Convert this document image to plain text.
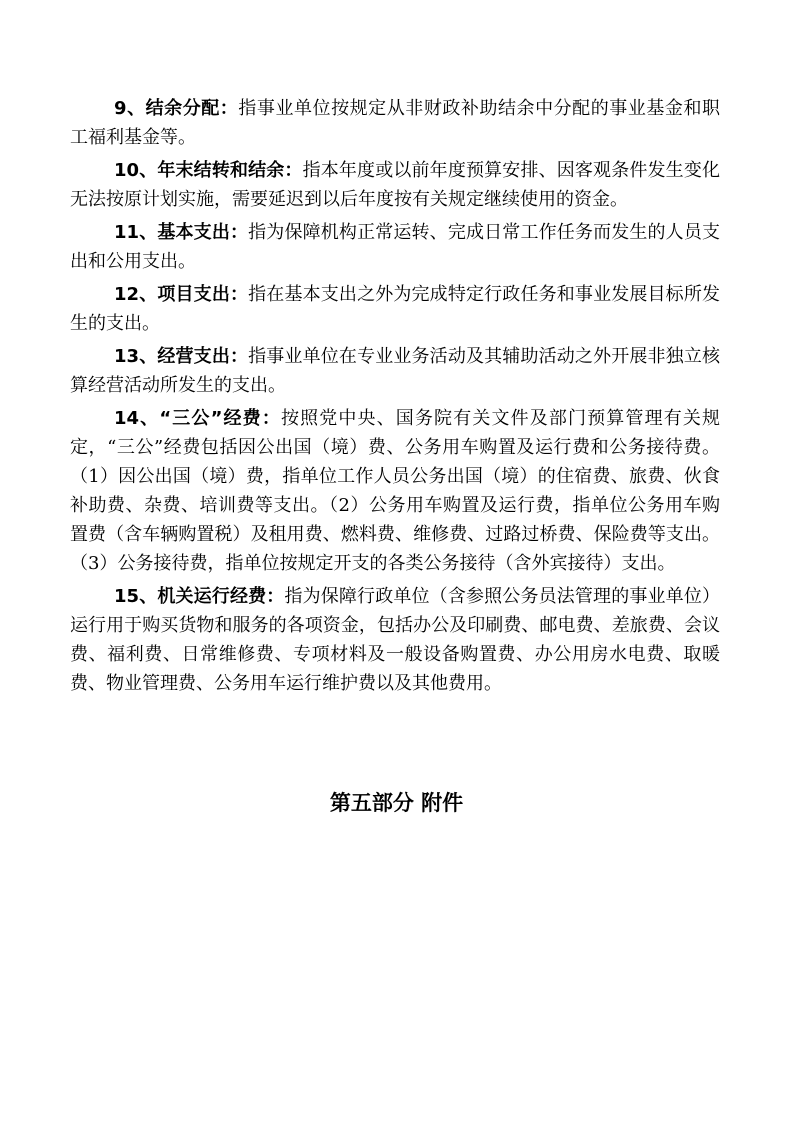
9、结余分配：指事业单位按规定从非财政补助结余中分配的事业基金和职工福利基金等。

10、年末结转和结余：指本年度或以前年度预算安排、因客观条件发生变化无法按原计划实施，需要延迟到以后年度按有关规定继续使用的资金。

11、基本支出：指为保障机构正常运转、完成日常工作任务而发生的人员支出和公用支出。

12、项目支出：指在基本支出之外为完成特定行政任务和事业发展目标所发生的支出。

13、经营支出：指事业单位在专业业务活动及其辅助活动之外开展非独立核算经营活动所发生的支出。

14、“三公”经费：按照党中央、国务院有关文件及部门预算管理有关规定，“三公”经费包括因公出国（境）费、公务用车购置及运行费和公务接待费。（1）因公出国（境）费，指单位工作人员公务出国（境）的住宿费、旅费、伙食补助费、杂费、培训费等支出。（2）公务用车购置及运行费，指单位公务用车购置费（含车辆购置税）及租用费、燃料费、维修费、过路过桥费、保险费等支出。（3）公务接待费，指单位按规定开支的各类公务接待（含外宾接待）支出。

15、机关运行经费：指为保障行政单位（含参照公务员法管理的事业单位）运行用于购买货物和服务的各项资金，包括办公及印刷费、邮电费、差旅费、会议费、福利费、日常维修费、专项材料及一般设备购置费、办公用房水电费、取暖费、物业管理费、公务用车运行维护费以及其他费用。

第五部分 附件
